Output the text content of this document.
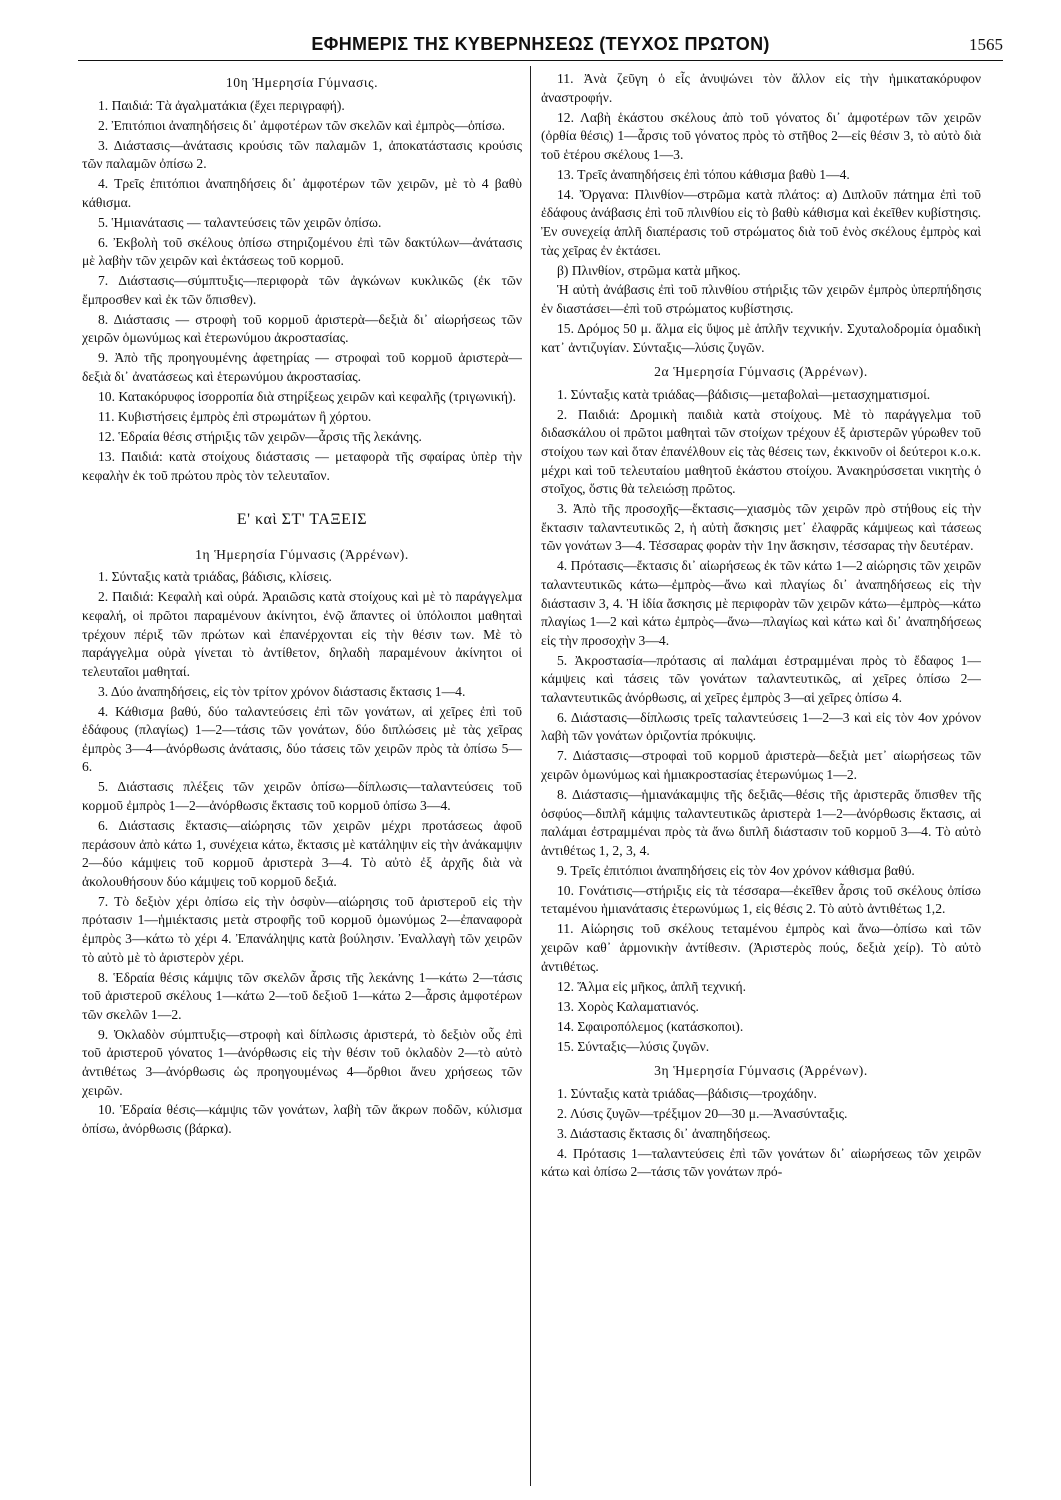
ΕΦΗΜΕΡΙΣ ΤΗΣ ΚΥΒΕΡΝΗΣΕΩΣ (ΤΕΥΧΟΣ ΠΡΩΤΟΝ)	1565

10η Ἡμερησία Γύμνασις.

1. Παιδιά: Τὰ ἀγαλματάκια (ἔχει περιγραφή).

2. Ἐπιτόπιοι ἀναπηδήσεις δι᾿ ἀμφοτέρων τῶν σκελῶν καὶ ἐμπρὸς—ὀπίσω.

3. Διάστασις—ἀνάτασις κρούσις τῶν παλαμῶν 1, ἀποκατάστασις κρούσις τῶν παλαμῶν ὀπίσω 2.

4. Τρεῖς ἐπιτόπιοι ἀναπηδήσεις δι᾿ ἀμφοτέρων τῶν χειρῶν, μὲ τὸ 4 βαθὺ κάθισμα.

5. Ἡμιανάτασις — ταλαντεύσεις τῶν χειρῶν ὀπίσω.

6. Ἐκβολὴ τοῦ σκέλους ὀπίσω στηριζομένου ἐπὶ τῶν δακτύλων—ἀνάτασις μὲ λαβὴν τῶν χειρῶν καὶ ἐκτάσεως τοῦ κορμοῦ.

7. Διάστασις—σύμπτυξις—περιφορὰ τῶν ἀγκώνων κυκλικῶς (ἐκ τῶν ἔμπροσθεν καὶ ἐκ τῶν ὄπισθεν).

8. Διάστασις — στροφὴ τοῦ κορμοῦ ἀριστερὰ—δεξιὰ δι᾿ αἰωρήσεως τῶν χειρῶν ὁμωνύμως καὶ ἑτερωνύμου ἀκροστασίας.

9. Ἀπὸ τῆς προηγουμένης ἀφετηρίας — στροφαὶ τοῦ κορμοῦ ἀριστερὰ—δεξιὰ δι᾿ ἀνατάσεως καὶ ἑτερωνύμου ἀκροστασίας.

10. Κατακόρυφος ἰσορροπία διὰ στηρίξεως χειρῶν καὶ κεφαλῆς (τριγωνική).

11. Κυβιστήσεις ἐμπρὸς ἐπὶ στρωμάτων ἢ χόρτου.

12. Ἑδραία θέσις στήριξις τῶν χειρῶν—ἆρσις τῆς λεκάνης.

13. Παιδιά: κατὰ στοίχους διάστασις — μεταφορὰ τῆς σφαίρας ὑπὲρ τὴν κεφαλὴν ἐκ τοῦ πρώτου πρὸς τὸν τελευταῖον.

Ε' καὶ ΣΤ' ΤΑΞΕΙΣ

1η Ἡμερησία Γύμνασις (Ἀρρένων).

1. Σύνταξις κατὰ τριάδας, βάδισις, κλίσεις.

2. Παιδιά: Κεφαλὴ καὶ οὐρά. Ἀραιῶσις κατὰ στοίχους καὶ μὲ τὸ παράγγελμα κεφαλή, οἱ πρῶτοι παραμένουν ἀκίνητοι, ἐνῷ ἅπαντες οἱ ὑπόλοιποι μαθηταὶ τρέχουν πέριξ τῶν πρώτων καὶ ἐπανέρχονται εἰς τὴν θέσιν των. Μὲ τὸ παράγγελμα οὐρὰ γίνεται τὸ ἀντίθετον, δηλαδὴ παραμένουν ἀκίνητοι οἱ τελευταῖοι μαθηταί.

3. Δύο ἀναπηδήσεις, εἰς τὸν τρίτον χρόνον διάστασις ἔκτασις 1—4.

4. Κάθισμα βαθύ, δύο ταλαντεύσεις ἐπὶ τῶν γονάτων, αἱ χεῖρες ἐπὶ τοῦ ἐδάφους (πλαγίως) 1—2—τάσις τῶν γονάτων, δύο διπλώσεις μὲ τὰς χεῖρας ἐμπρὸς 3—4—ἀνόρθωσις ἀνάτασις, δύο τάσεις τῶν χειρῶν πρὸς τὰ ὀπίσω 5—6.

5. Διάστασις πλέξεις τῶν χειρῶν ὀπίσω—δίπλωσις—ταλαντεύσεις τοῦ κορμοῦ ἐμπρὸς 1—2—ἀνόρθωσις ἔκτασις τοῦ κορμοῦ ὀπίσω 3—4.

6. Διάστασις ἔκτασις—αἰώρησις τῶν χειρῶν μέχρι προτάσεως ἀφοῦ περάσουν ἀπὸ κάτω 1, συνέχεια κάτω, ἔκτασις μὲ κατάληψιν εἰς τὴν ἀνάκαμψιν 2—δύο κάμψεις τοῦ κορμοῦ ἀριστερὰ 3—4. Τὸ αὐτὸ ἐξ ἀρχῆς διὰ νὰ ἀκολουθήσουν δύο κάμψεις τοῦ κορμοῦ δεξιά.

7. Τὸ δεξιὸν χέρι ὀπίσω εἰς τὴν ὀσφὺν—αἰώρησις τοῦ ἀριστεροῦ εἰς τὴν πρότασιν 1—ἡμιέκτασις μετὰ στροφῆς τοῦ κορμοῦ ὁμωνύμως 2—ἐπαναφορὰ ἐμπρὸς 3—κάτω τὸ χέρι 4. Ἐπανάληψις κατὰ βούλησιν. Ἐναλλαγὴ τῶν χειρῶν τὸ αὐτὸ μὲ τὸ ἀριστερὸν χέρι.

8. Ἑδραία θέσις κάμψις τῶν σκελῶν ἆρσις τῆς λεκάνης 1—κάτω 2—τάσις τοῦ ἀριστεροῦ σκέλους 1—κάτω 2—τοῦ δεξιοῦ 1—κάτω 2—ἆρσις ἀμφοτέρων τῶν σκελῶν 1—2.

9. Ὀκλαδὸν σύμπτυξις—στροφὴ καὶ δίπλωσις ἀριστερά, τὸ δεξιὸν οὖς ἐπὶ τοῦ ἀριστεροῦ γόνατος 1—ἀνόρθωσις εἰς τὴν θέσιν τοῦ ὀκλαδὸν 2—τὸ αὐτὸ ἀντιθέτως 3—ἀνόρθωσις ὡς προηγουμένως 4—ὄρθιοι ἄνευ χρήσεως τῶν χειρῶν.

10. Ἑδραία θέσις—κάμψις τῶν γονάτων, λαβὴ τῶν ἄκρων ποδῶν, κύλισμα ὀπίσω, ἀνόρθωσις (βάρκα).

11. Ἀνὰ ζεῦγη ὁ εἷς ἀνυψώνει τὸν ἄλλον εἰς τὴν ἡμικατακόρυφον ἀναστροφήν.

12. Λαβὴ ἑκάστου σκέλους ἀπὸ τοῦ γόνατος δι᾿ ἀμφοτέρων τῶν χειρῶν (ὀρθία θέσις) 1—ἆρσις τοῦ γόνατος πρὸς τὸ στῆθος 2—εἰς θέσιν 3, τὸ αὐτὸ διὰ τοῦ ἑτέρου σκέλους 1—3.

13. Τρεῖς ἀναπηδήσεις ἐπὶ τόπου κάθισμα βαθὺ 1—4.

14. Ὄργανα: Πλινθίον—στρῶμα κατὰ πλάτος: α) Διπλοῦν πάτημα ἐπὶ τοῦ ἐδάφους ἀνάβασις ἐπὶ τοῦ πλινθίου εἰς τὸ βαθὺ κάθισμα καὶ ἐκεῖθεν κυβίστησις. Ἐν συνεχείᾳ ἁπλῆ διαπέρασις τοῦ στρώματος διὰ τοῦ ἑνὸς σκέλους ἐμπρὸς καὶ τὰς χεῖρας ἐν ἐκτάσει.

β) Πλινθίον, στρῶμα κατὰ μῆκος.

Ἡ αὐτὴ ἀνάβασις ἐπὶ τοῦ πλινθίου στήριξις τῶν χειρῶν ἐμπρὸς ὑπερπήδησις ἐν διαστάσει—ἐπὶ τοῦ στρώματος κυβίστησις.

15. Δρόμος 50 μ. ἅλμα εἰς ὕψος μὲ ἁπλῆν τεχνικήν. Σχυταλοδρομία ὁμαδικὴ κατ᾿ ἀντιζυγίαν. Σύνταξις—λύσις ζυγῶν.

2α Ἡμερησία Γύμνασις (Ἀρρένων).

1. Σύνταξις κατὰ τριάδας—βάδισις—μεταβολαὶ—μετασχηματισμοί.

2. Παιδιά: Δρομικὴ παιδιὰ κατὰ στοίχους. Μὲ τὸ παράγγελμα τοῦ διδασκάλου οἱ πρῶτοι μαθηταὶ τῶν στοίχων τρέχουν ἐξ ἀριστερῶν γύρωθεν τοῦ στοίχου των καὶ ὅταν ἐπανέλθουν εἰς τὰς θέσεις των, ἐκκινοῦν οἱ δεύτεροι κ.ο.κ. μέχρι καὶ τοῦ τελευταίου μαθητοῦ ἑκάστου στοίχου. Ἀνακηρύσσεται νικητὴς ὁ στοῖχος, ὅστις θὰ τελειώσῃ πρῶτος.

3. Ἀπὸ τῆς προσοχῆς—ἔκτασις—χιασμὸς τῶν χειρῶν πρὸ στήθους εἰς τὴν ἔκτασιν ταλαντευτικῶς 2, ἡ αὐτὴ ἄσκησις μετ᾿ ἐλαφρᾶς κάμψεως καὶ τάσεως τῶν γονάτων 3—4. Τέσσαρας φορὰν τὴν 1ην ἄσκησιν, τέσσαρας τὴν δευτέραν.

4. Πρότασις—ἔκτασις δι᾿ αἰωρήσεως ἐκ τῶν κάτω 1—2 αἰώρησις τῶν χειρῶν ταλαντευτικῶς κάτω—ἐμπρὸς—ἄνω καὶ πλαγίως δι᾿ ἀναπηδήσεως εἰς τὴν διάστασιν 3, 4. Ἡ ἰδία ἄσκησις μὲ περιφορὰν τῶν χειρῶν κάτω—ἐμπρὸς—κάτω πλαγίως 1—2 καὶ κάτω ἐμπρὸς—ἄνω—πλαγίως καὶ κάτω καὶ δι᾿ ἀναπηδήσεως εἰς τὴν προσοχὴν 3—4.

5. Ἀκροστασία—πρότασις αἱ παλάμαι ἐστραμμέναι πρὸς τὸ ἔδαφος 1—κάμψεις καὶ τάσεις τῶν γονάτων ταλαντευτικῶς, αἱ χεῖρες ὀπίσω 2—ταλαντευτικῶς ἀνόρθωσις, αἱ χεῖρες ἐμπρὸς 3—αἱ χεῖρες ὀπίσω 4.

6. Διάστασις—δίπλωσις τρεῖς ταλαντεύσεις 1—2—3 καὶ εἰς τὸν 4ον χρόνον λαβὴ τῶν γονάτων ὁριζοντία πρόκυψις.

7. Διάστασις—στροφαὶ τοῦ κορμοῦ ἀριστερὰ—δεξιὰ μετ᾿ αἰωρήσεως τῶν χειρῶν ὁμωνύμως καὶ ἡμιακροστασίας ἑτερωνύμως 1—2.

8. Διάστασις—ἡμιανάκαμψις τῆς δεξιᾶς—θέσις τῆς ἀριστερᾶς ὄπισθεν τῆς ὀσφύος—διπλῆ κάμψις ταλαντευτικῶς ἀριστερὰ 1—2—ἀνόρθωσις ἔκτασις, αἱ παλάμαι ἐστραμμέναι πρὸς τὰ ἄνω διπλῆ διάστασιν τοῦ κορμοῦ 3—4. Τὸ αὐτὸ ἀντιθέτως 1, 2, 3, 4.

9. Τρεῖς ἐπιτόπιοι ἀναπηδήσεις εἰς τὸν 4ον χρόνον κάθισμα βαθύ.

10. Γονάτισις—στήριξις εἰς τὰ τέσσαρα—ἐκεῖθεν ἆρσις τοῦ σκέλους ὀπίσω τεταμένου ἡμιανάτασις ἑτερωνύμως 1, εἰς θέσις 2. Τὸ αὐτὸ ἀντιθέτως 1,2.

11. Αἰώρησις τοῦ σκέλους τεταμένου ἐμπρὸς καὶ ἄνω—ὀπίσω καὶ τῶν χειρῶν καθ᾿ ἁρμονικὴν ἀντίθεσιν. (Ἀριστερὸς πούς, δεξιὰ χείρ). Τὸ αὐτὸ ἀντιθέτως.

12. Ἅλμα εἰς μῆκος, ἁπλῆ τεχνική.

13. Χορὸς Καλαματιανός.

14. Σφαιροπόλεμος (κατάσκοποι).

15. Σύνταξις—λύσις ζυγῶν.

3η Ἡμερησία Γύμνασις (Ἀρρένων).

1. Σύνταξις κατὰ τριάδας—βάδισις—τροχάδην.

2. Λύσις ζυγῶν—τρέξιμον 20—30 μ.—Ἀνασύνταξις.

3. Διάστασις ἔκτασις δι᾿ ἀναπηδήσεως.

4. Πρότασις 1—ταλαντεύσεις ἐπὶ τῶν γονάτων δι᾿ αἰωρήσεως τῶν χειρῶν κάτω καὶ ὀπίσω 2—τάσις τῶν γονάτων πρό-
